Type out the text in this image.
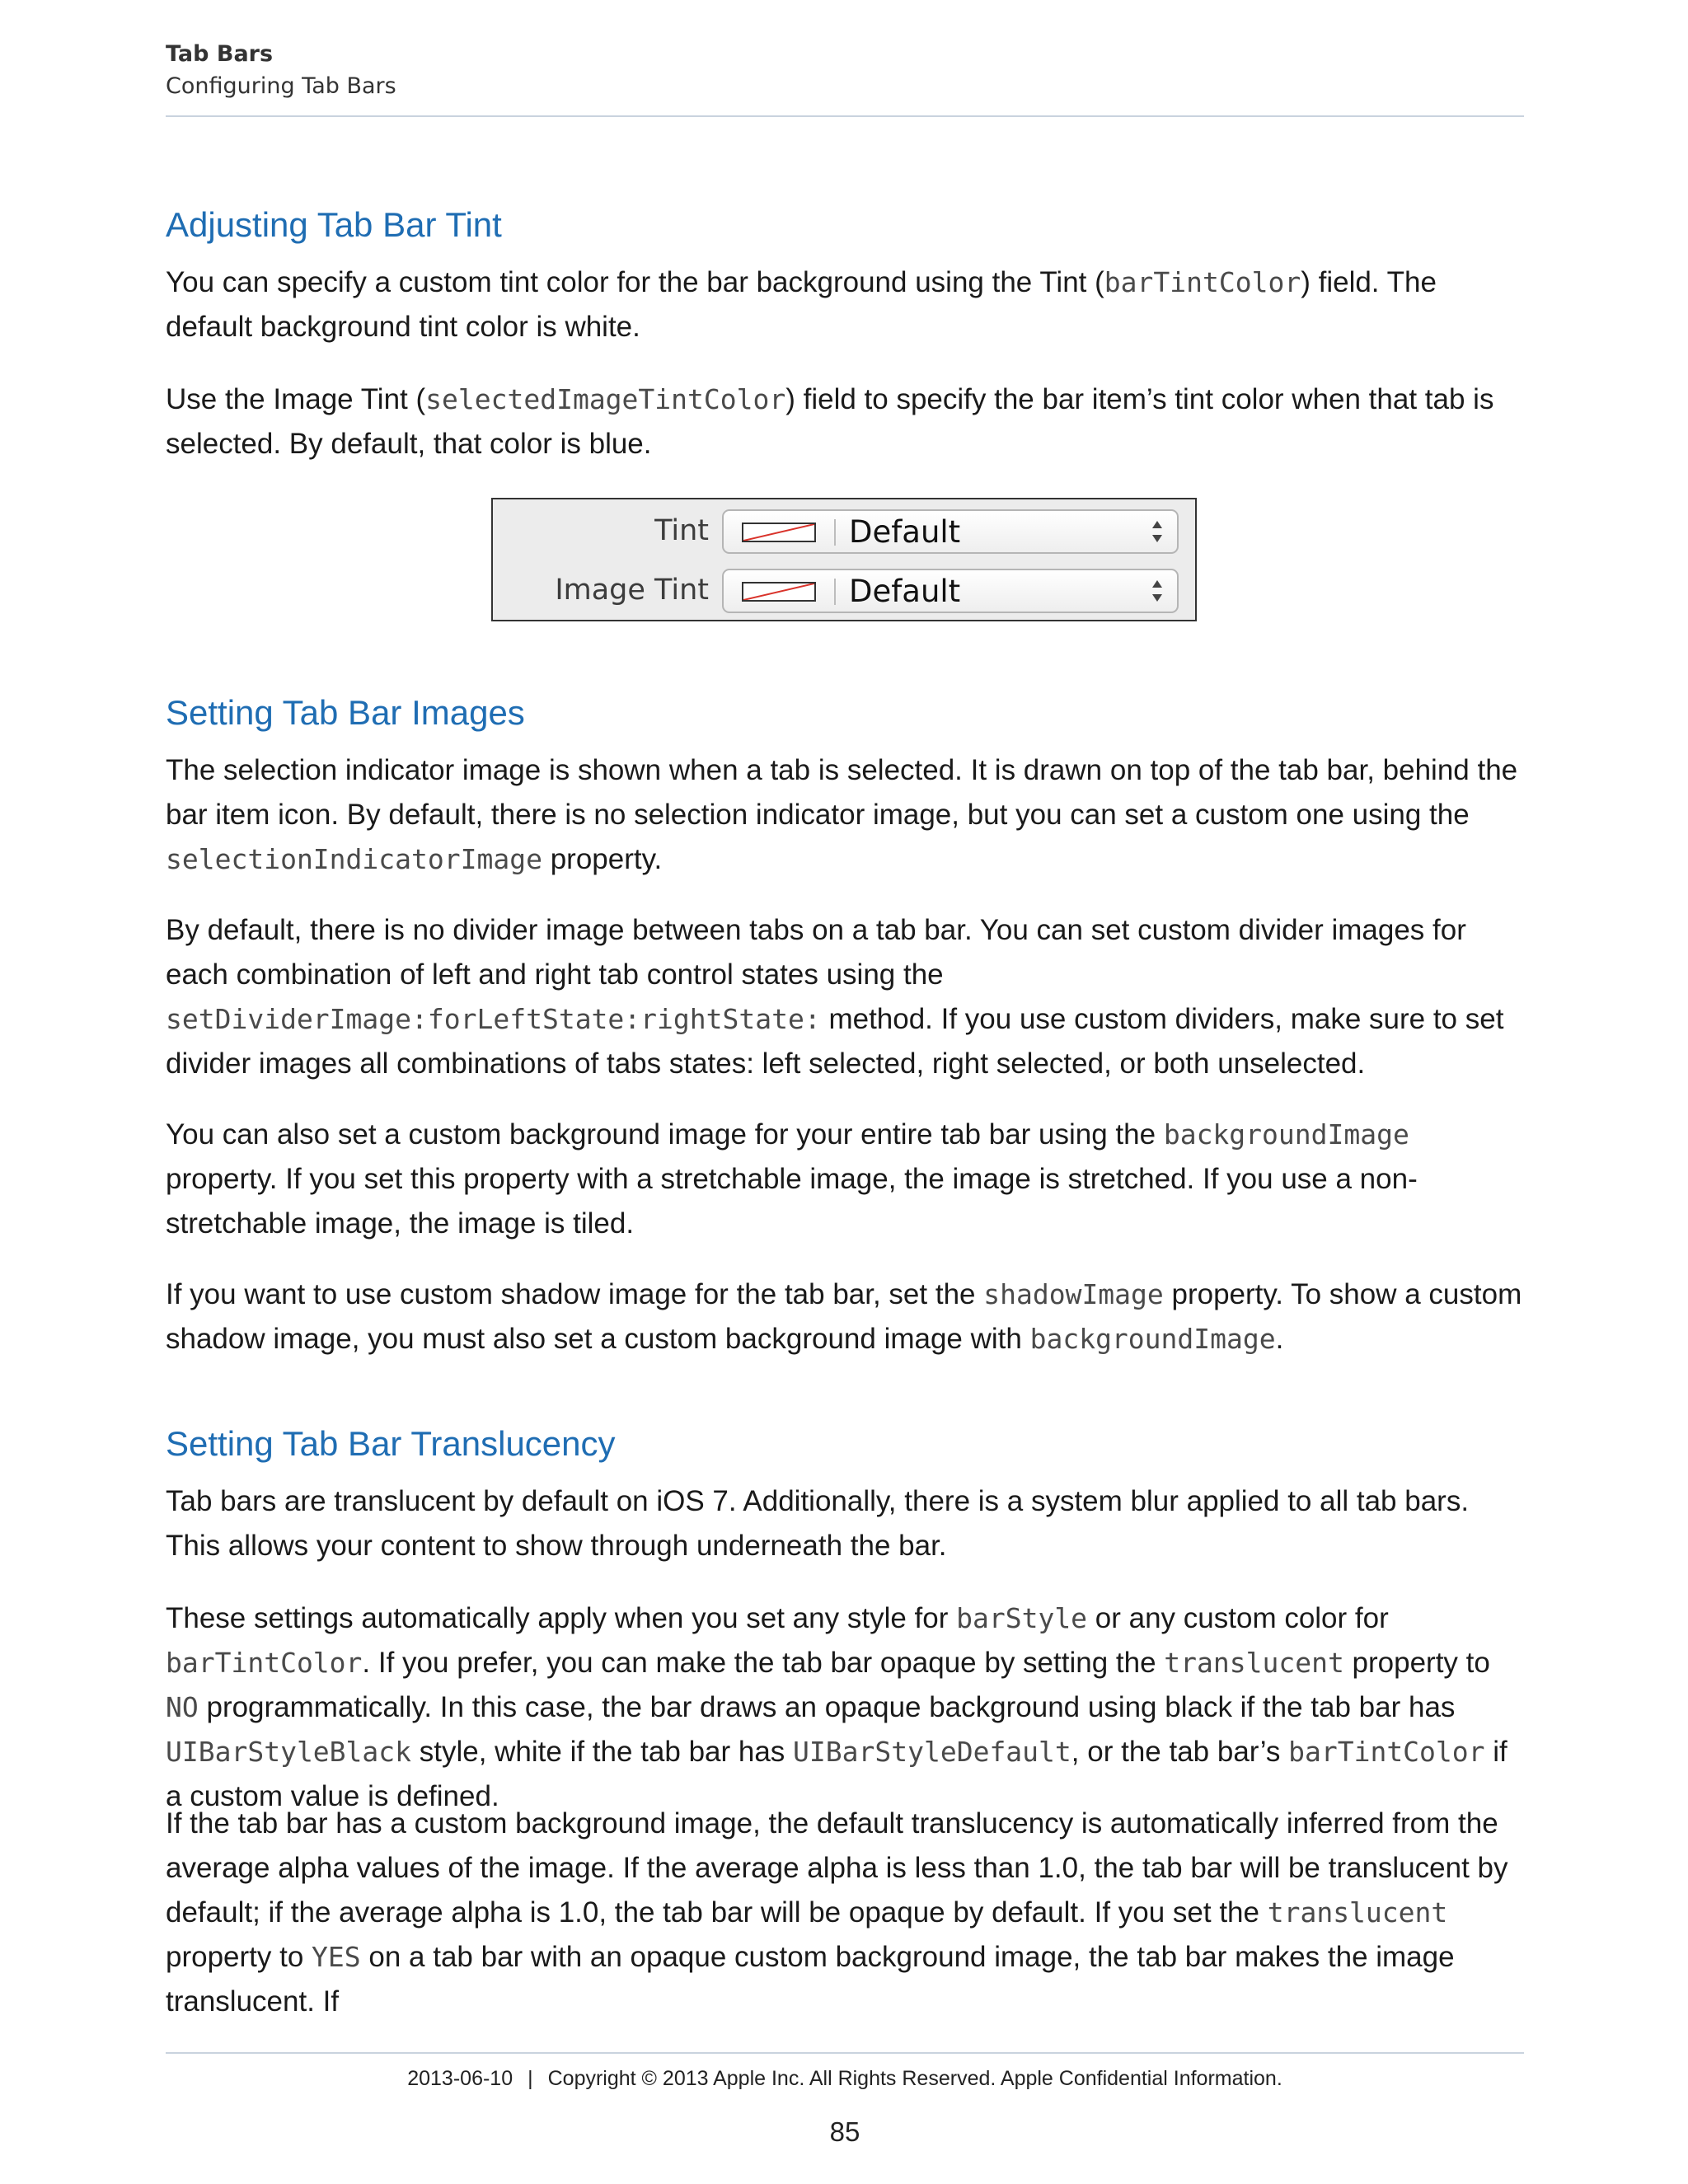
Tab Bars
Configuring Tab Bars
Adjusting Tab Bar Tint

You can specify a custom tint color for the bar background using the Tint (barTintColor) field. The default background tint color is white.

Use the Image Tint (selectedImageTintColor) field to specify the bar item’s tint color when that tab is selected. By default, that color is blue.

Tint	Default
Image Tint	Default
Setting Tab Bar Images

The selection indicator image is shown when a tab is selected. It is drawn on top of the tab bar, behind the bar item icon. By default, there is no selection indicator image, but you can set a custom one using the selectionIndicatorImage property.

By default, there is no divider image between tabs on a tab bar. You can set custom divider images for each combination of left and right tab control states using the setDividerImage:forLeftState:rightState: method. If you use custom dividers, make sure to set divider images all combinations of tabs states: left selected, right selected, or both unselected.

You can also set a custom background image for your entire tab bar using the backgroundImage property. If you set this property with a stretchable image, the image is stretched. If you use a non-stretchable image, the image is tiled.

If you want to use custom shadow image for the tab bar, set the shadowImage property. To show a custom shadow image, you must also set a custom background image with backgroundImage.

Setting Tab Bar Translucency

Tab bars are translucent by default on iOS 7. Additionally, there is a system blur applied to all tab bars. This allows your content to show through underneath the bar.

These settings automatically apply when you set any style for barStyle or any custom color for barTintColor. If you prefer, you can make the tab bar opaque by setting the translucent property to NO programmatically. In this case, the bar draws an opaque background using black if the tab bar has UIBarStyleBlack style, white if the tab bar has UIBarStyleDefault, or the tab bar’s barTintColor if a custom value is defined.

If the tab bar has a custom background image, the default translucency is automatically inferred from the average alpha values of the image. If the average alpha is less than 1.0, the tab bar will be translucent by default; if the average alpha is 1.0, the tab bar will be opaque by default. If you set the translucent property to YES on a tab bar with an opaque custom background image, the tab bar makes the image translucent. If

2013-06-10 | Copyright © 2013 Apple Inc. All Rights Reserved. Apple Confidential Information.
85
